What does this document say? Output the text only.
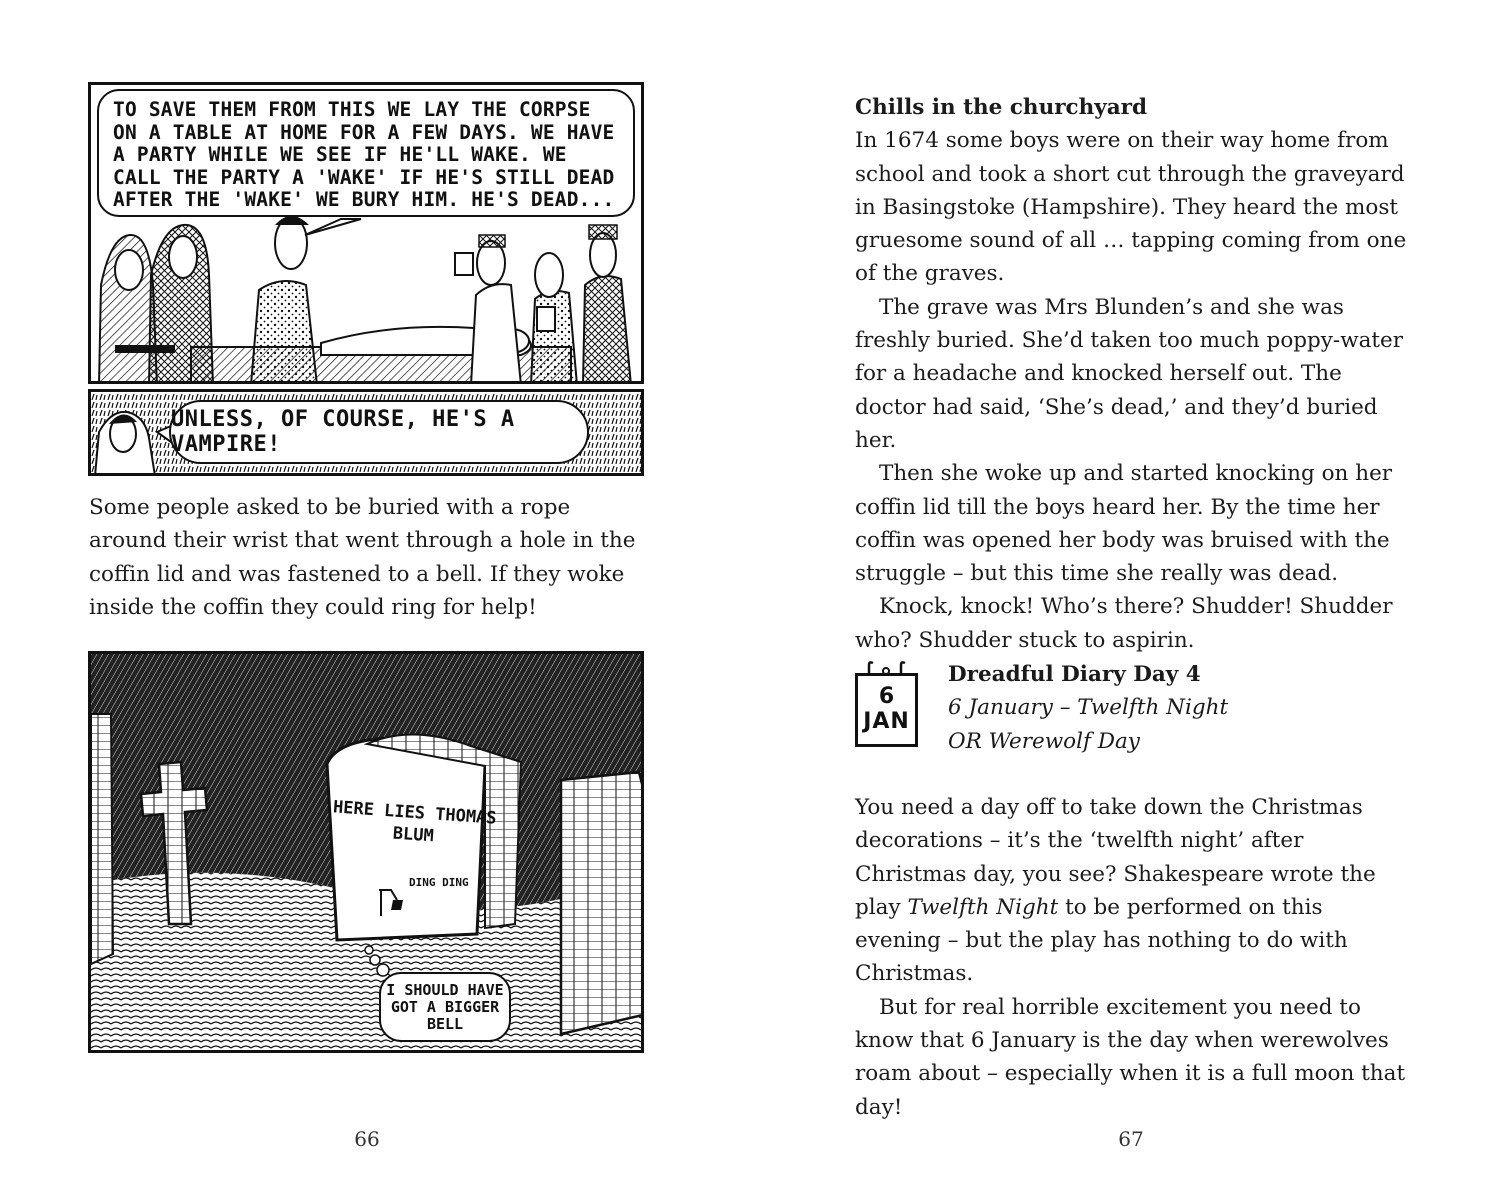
TO SAVE THEM FROM THIS WE LAY THE CORPSE ON A TABLE AT HOME FOR A FEW DAYS. WE HAVE A PARTY WHILE WE SEE IF HE'LL WAKE. WE CALL THE PARTY A 'WAKE' IF HE'S STILL DEAD AFTER THE 'WAKE' WE BURY HIM. HE'S DEAD...
UNLESS, OF COURSE, HE'S A VAMPIRE!

Some people asked to be buried with a rope around their wrist that went through a hole in the coffin lid and was fastened to a bell. If they woke inside the coffin they could ring for help!

HERE LIES THOMAS BLUM
DING DING
I SHOULD HAVE GOT A BIGGER BELL
66

Chills in the churchyard

In 1674 some boys were on their way home from school and took a short cut through the graveyard in Basingstoke (Hampshire). They heard the most gruesome sound of all … tapping coming from one of the graves.

The grave was Mrs Blunden’s and she was freshly buried. She’d taken too much poppy-water for a headache and knocked herself out. The doctor had said, ‘She’s dead,’ and they’d buried her.

Then she woke up and started knocking on her coffin lid till the boys heard her. By the time her coffin was opened her body was bruised with the struggle – but this time she really was dead.

Knock, knock! Who’s there? Shudder! Shudder who? Shudder stuck to aspirin.

6
JAN
Dreadful Diary Day 4
6 January – Twelfth Night
OR Werewolf Day

You need a day off to take down the Christmas decorations – it’s the ‘twelfth night’ after Christmas day, you see? Shakespeare wrote the play Twelfth Night to be performed on this evening – but the play has nothing to do with Christmas.

But for real horrible excitement you need to know that 6 January is the day when werewolves roam about – especially when it is a full moon that day!

67
